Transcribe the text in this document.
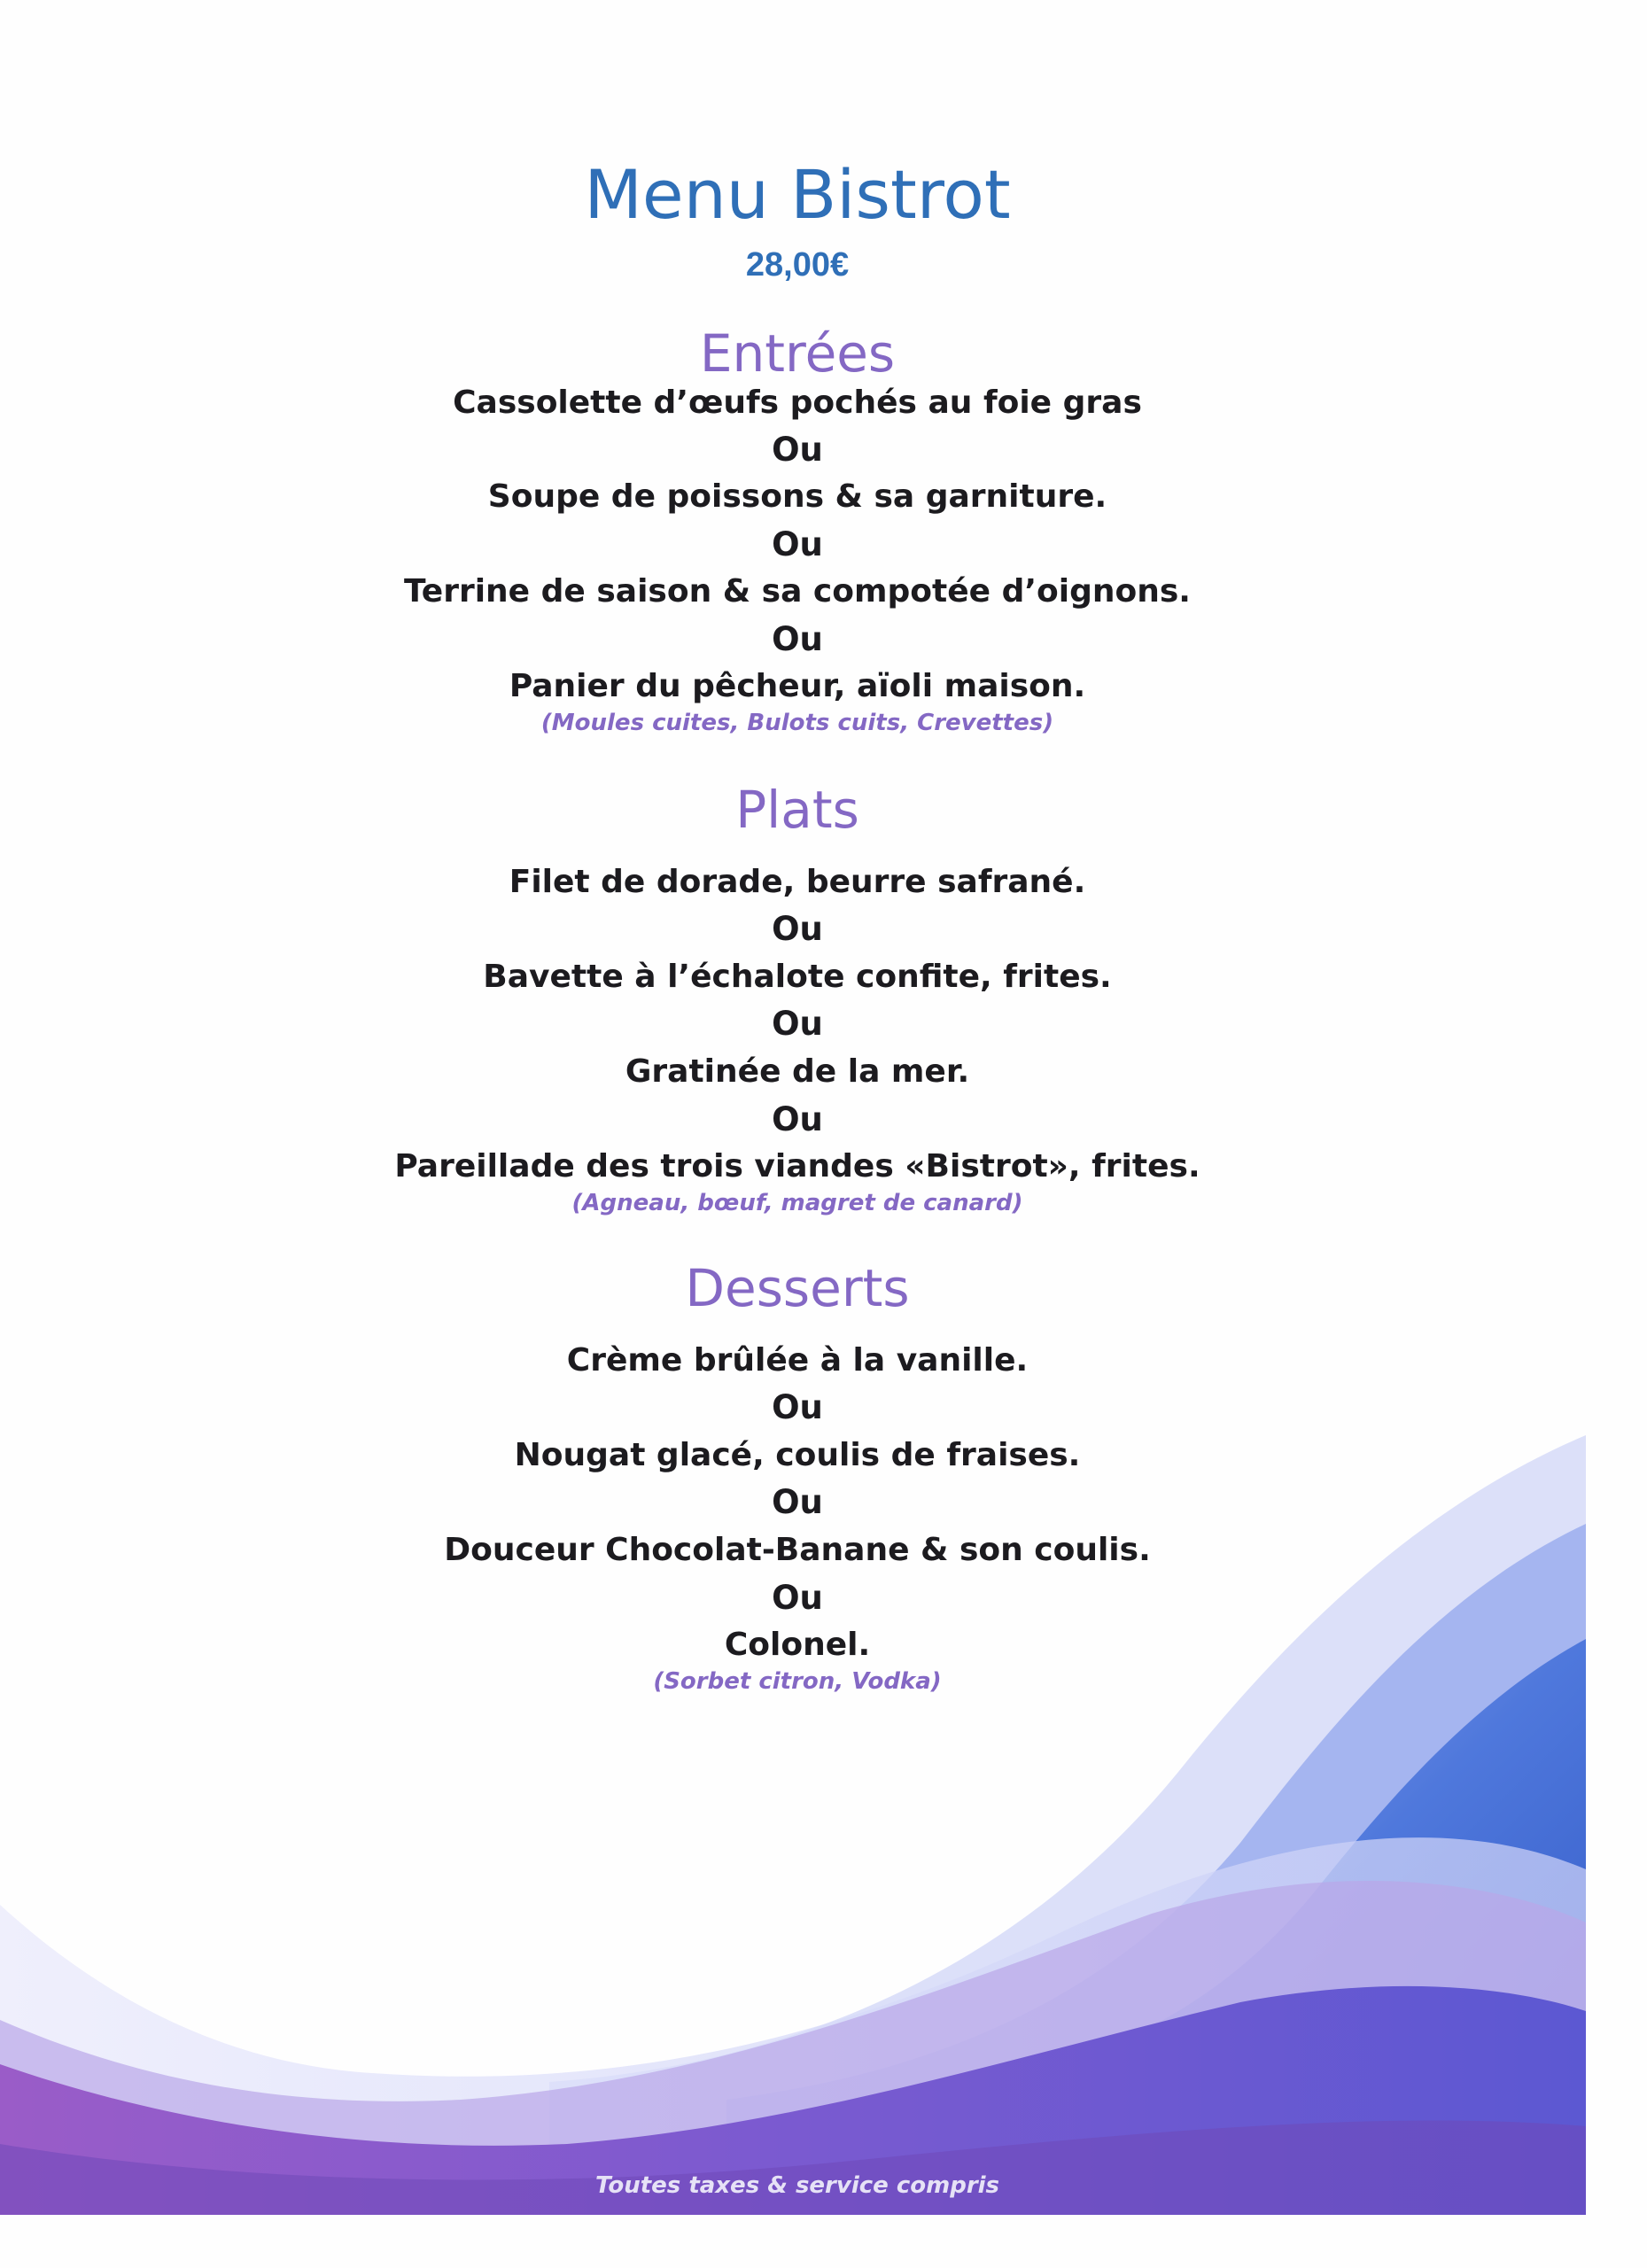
Menu Bistrot
28,00€
Entrées
Cassolette d’œufs pochés au foie gras
Ou
Soupe de poissons & sa garniture.
Ou
Terrine de saison & sa compotée d’oignons.
Ou
Panier du pêcheur, aïoli maison.
(Moules cuites, Bulots cuits, Crevettes)
Plats
Filet de dorade, beurre safrané.
Ou
Bavette à l’échalote confite, frites.
Ou
Gratinée de la mer.
Ou
Pareillade des trois viandes «Bistrot», frites.
(Agneau, bœuf, magret de canard)
Desserts
Crème brûlée à la vanille.
Ou
Nougat glacé, coulis de fraises.
Ou
Douceur Chocolat-Banane & son coulis.
Ou
Colonel.
(Sorbet citron, Vodka)
Toutes taxes & service compris
